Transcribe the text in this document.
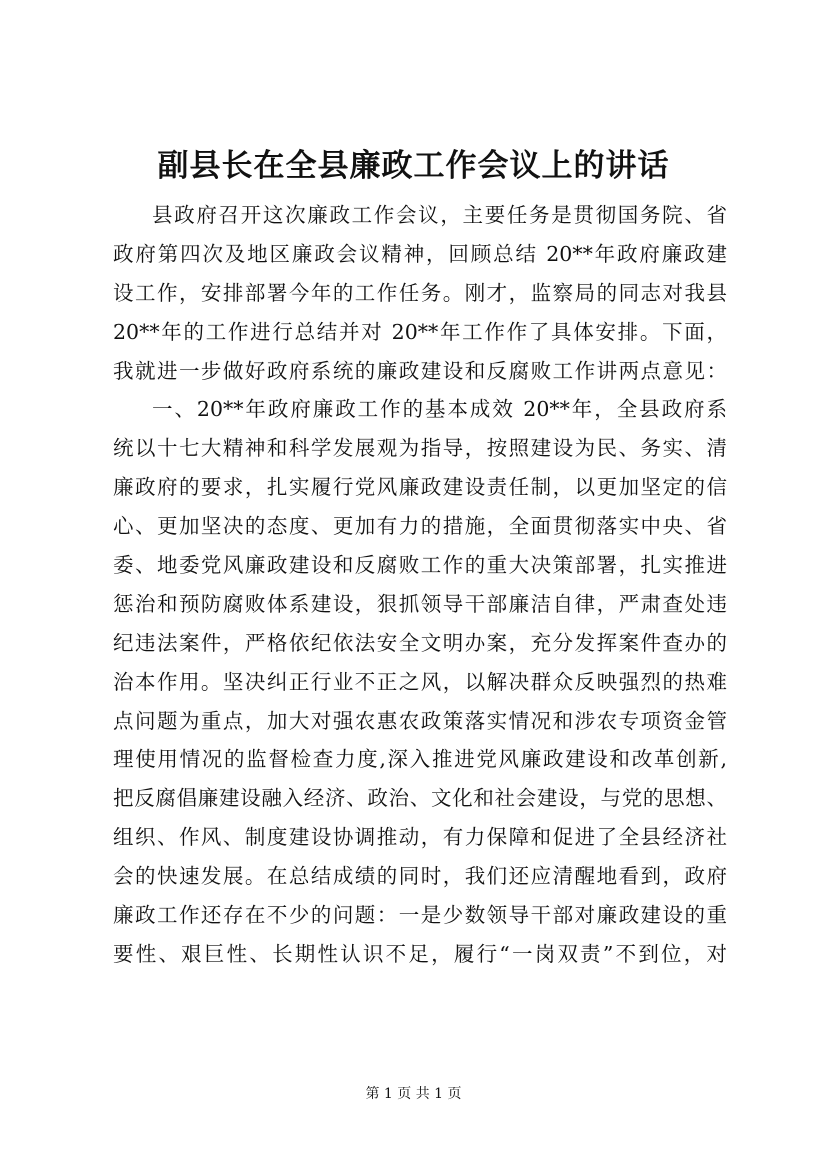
副县长在全县廉政工作会议上的讲话
县政府召开这次廉政工作会议，主要任务是贯彻国务院、省
政府第四次及地区廉政会议精神，回顾总结 20**年政府廉政建
设工作，安排部署今年的工作任务。刚才，监察局的同志对我县
20**年的工作进行总结并对 20**年工作作了具体安排。下面，
我就进一步做好政府系统的廉政建设和反腐败工作讲两点意见：
一、20**年政府廉政工作的基本成效 20**年，全县政府系
统以十七大精神和科学发展观为指导，按照建设为民、务实、清
廉政府的要求，扎实履行党风廉政建设责任制，以更加坚定的信
心、更加坚决的态度、更加有力的措施，全面贯彻落实中央、省
委、地委党风廉政建设和反腐败工作的重大决策部署，扎实推进
惩治和预防腐败体系建设，狠抓领导干部廉洁自律，严肃查处违
纪违法案件，严格依纪依法安全文明办案，充分发挥案件查办的
治本作用。坚决纠正行业不正之风，以解决群众反映强烈的热难
点问题为重点，加大对强农惠农政策落实情况和涉农专项资金管
理使用情况的监督检查力度,深入推进党风廉政建设和改革创新,
把反腐倡廉建设融入经济、政治、文化和社会建设，与党的思想、
组织、作风、制度建设协调推动，有力保障和促进了全县经济社
会的快速发展。在总结成绩的同时，我们还应清醒地看到，政府
廉政工作还存在不少的问题：一是少数领导干部对廉政建设的重
要性、艰巨性、长期性认识不足，履行“一岗双责”不到位，对
第 1 页 共 1 页
